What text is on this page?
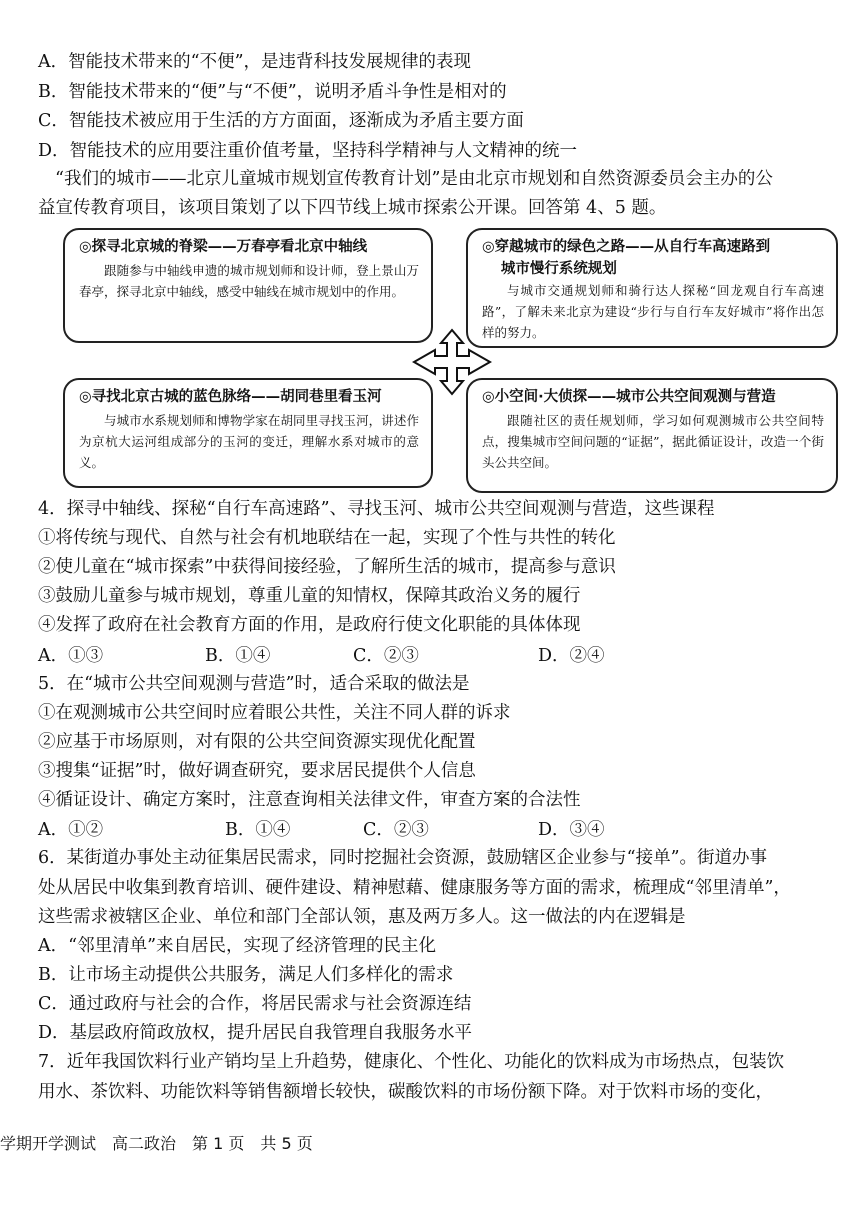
A．智能技术带来的“不便”，是违背科技发展规律的表现
B．智能技术带来的“便”与“不便”，说明矛盾斗争性是相对的
C．智能技术被应用于生活的方方面面，逐渐成为矛盾主要方面
D．智能技术的应用要注重价值考量，坚持科学精神与人文精神的统一
“我们的城市——北京儿童城市规划宣传教育计划”是由北京市规划和自然资源委员会主办的公
益宣传教育项目，该项目策划了以下四节线上城市探索公开课。回答第 4、5 题。
◎探寻北京城的脊梁——万春亭看北京中轴线
跟随参与中轴线申遗的城市规划师和设计师，登上景山万春亭，探寻北京中轴线，感受中轴线在城市规划中的作用。
◎穿越城市的绿色之路——从自行车高速路到
城市慢行系统规划
与城市交通规划师和骑行达人探秘“回龙观自行车高速路”，了解未来北京为建设“步行与自行车友好城市”将作出怎样的努力。
◎寻找北京古城的蓝色脉络——胡同巷里看玉河
与城市水系规划师和博物学家在胡同里寻找玉河，讲述作为京杭大运河组成部分的玉河的变迁，理解水系对城市的意义。
◎小空间·大侦探——城市公共空间观测与营造
跟随社区的责任规划师，学习如何观测城市公共空间特点，搜集城市空间问题的“证据”，据此循证设计，改造一个街头公共空间。
4．探寻中轴线、探秘“自行车高速路”、寻找玉河、城市公共空间观测与营造，这些课程
①将传统与现代、自然与社会有机地联结在一起，实现了个性与共性的转化
②使儿童在“城市探索”中获得间接经验，了解所生活的城市，提高参与意识
③鼓励儿童参与城市规划，尊重儿童的知情权，保障其政治义务的履行
④发挥了政府在社会教育方面的作用，是政府行使文化职能的具体体现
A．①③	B．①④	C．②③	D．②④
5．在“城市公共空间观测与营造”时，适合采取的做法是
①在观测城市公共空间时应着眼公共性，关注不同人群的诉求
②应基于市场原则，对有限的公共空间资源实现优化配置
③搜集“证据”时，做好调查研究，要求居民提供个人信息
④循证设计、确定方案时，注意查询相关法律文件，审查方案的合法性
A．①②	B．①④	C．②③	D．③④
6．某街道办事处主动征集居民需求，同时挖掘社会资源，鼓励辖区企业参与“接单”。街道办事
处从居民中收集到教育培训、硬件建设、精神慰藉、健康服务等方面的需求，梳理成“邻里清单”，
这些需求被辖区企业、单位和部门全部认领，惠及两万多人。这一做法的内在逻辑是
A．“邻里清单”来自居民，实现了经济管理的民主化
B．让市场主动提供公共服务，满足人们多样化的需求
C．通过政府与社会的合作，将居民需求与社会资源连结
D．基层政府简政放权，提升居民自我管理自我服务水平
7．近年我国饮料行业产销均呈上升趋势，健康化、个性化、功能化的饮料成为市场热点，包装饮
用水、茶饮料、功能饮料等销售额增长较快，碳酸饮料的市场份额下降。对于饮料市场的变化，
学期开学测试　高二政治　第 1 页　共 5 页
